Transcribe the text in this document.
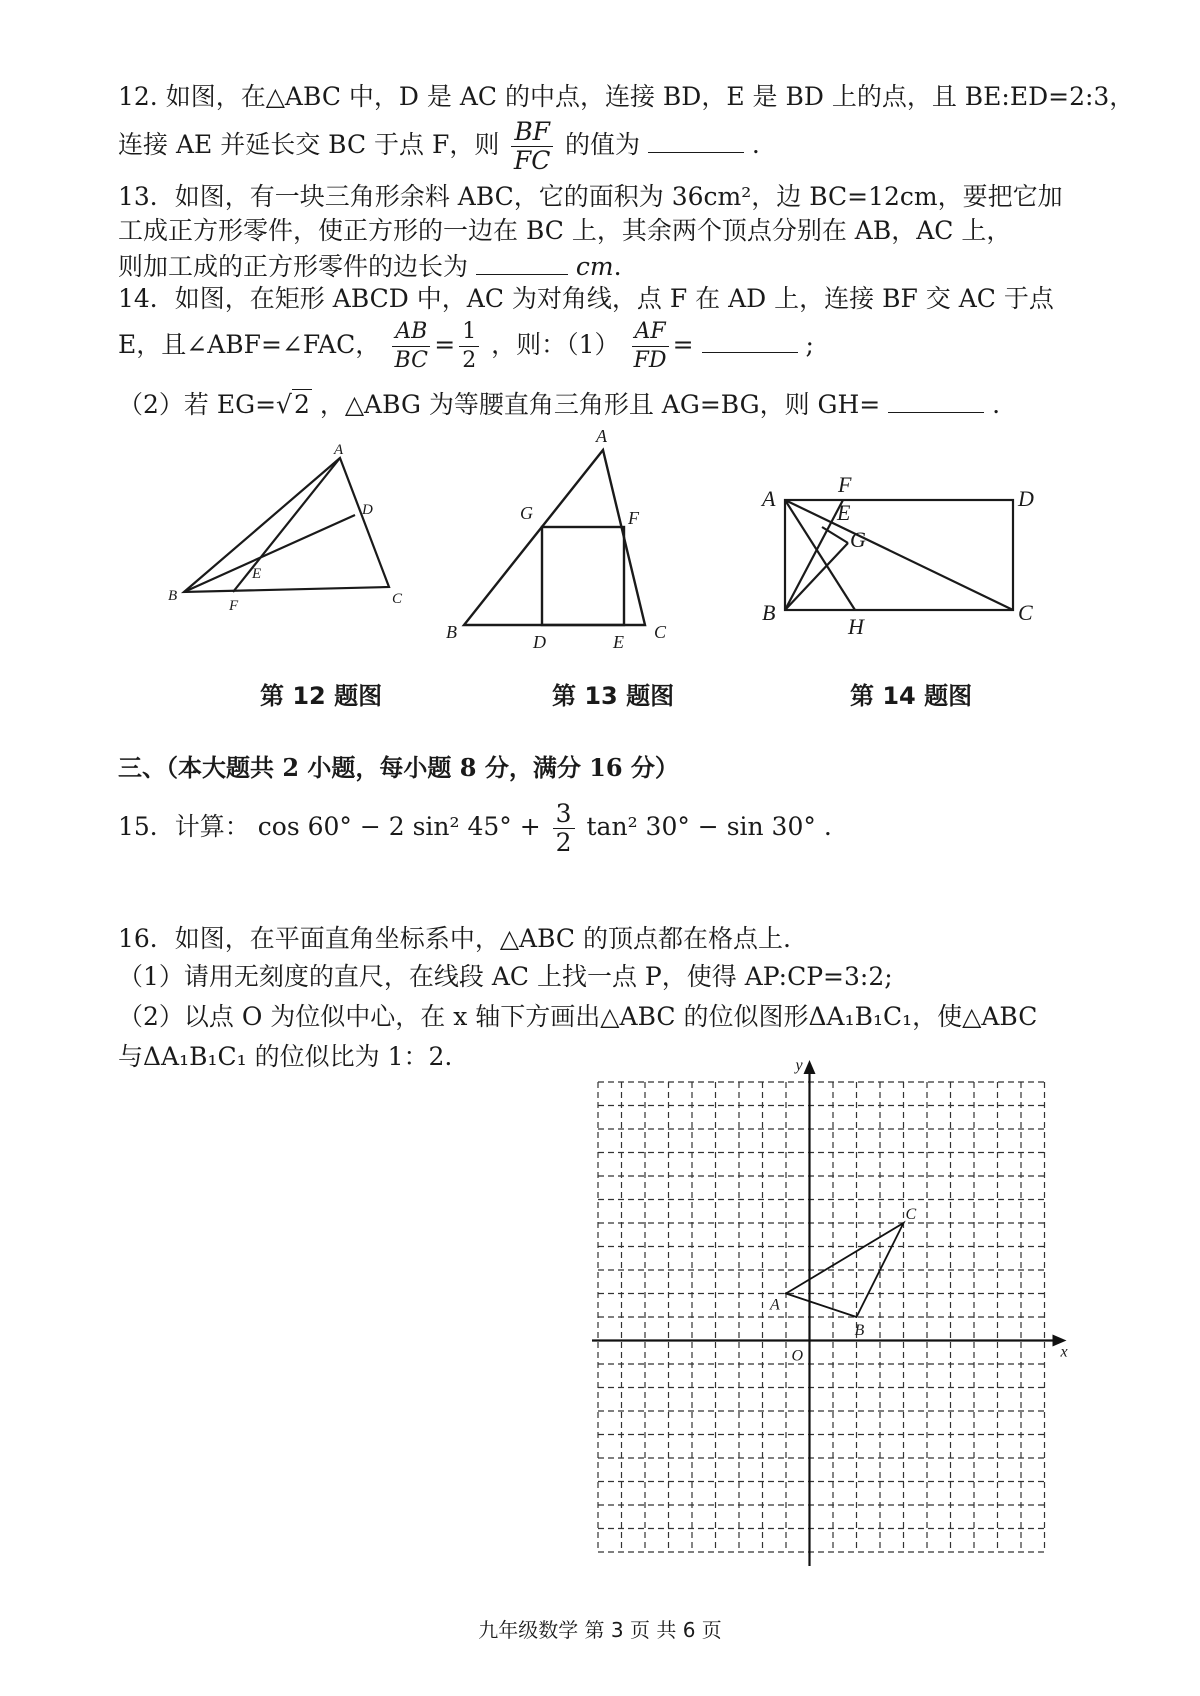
12. 如图，在△ABC 中，D 是 AC 的中点，连接 BD，E 是 BD 上的点，且 BE:ED=2:3，
连接 AE 并延长交 BC 于点 F，则 $\frac{BF}{FC}$ 的值为	.
13．如图，有一块三角形余料 ABC，它的面积为 36cm²，边 BC=12cm，要把它加
工成正方形零件，使正方形的一边在 BC 上，其余两个顶点分别在 AB，AC 上，
则加工成的正方形零件的边长为	cm.
14．如图，在矩形 ABCD 中，AC 为对角线，点 F 在 AD 上，连接 BF 交 AC 于点
E，且∠ABF=∠FAC， $\frac{AB}{BC} = \frac{1}{2}$ ，则：$(1) \frac{AF}{FD}$ =	;
（2）若 EG=√2 ，△ABG 为等腰直角三角形且 AG=BG，则 GH=	.
A
B	C
D
E
F
A
B	C
D	E
F
G
A	D
B	C
F
E
G
H
第 12 题图	第 13 题图	第 14 题图
三、（本大题共 2 小题，每小题 8 分，满分 16 分）
15．计算： cos 60° − 2 sin² $45^\circ + \frac{3}{2} \tan^2$ 30° − sin 30° .
16．如图，在平面直角坐标系中，△ABC 的顶点都在格点上.
（1）请用无刻度的直尺，在线段 AC 上找一点 P，使得 AP:CP=3:2;
（2）以点 O 为位似中心，在 x 轴下方画出△ABC 的位似图形ΔA₁B₁C₁，使△ABC
与ΔA₁B₁C₁ 的位似比为 1：2.
x
y
O
A
B
C
九年级数学 第 3 页 共 6 页
